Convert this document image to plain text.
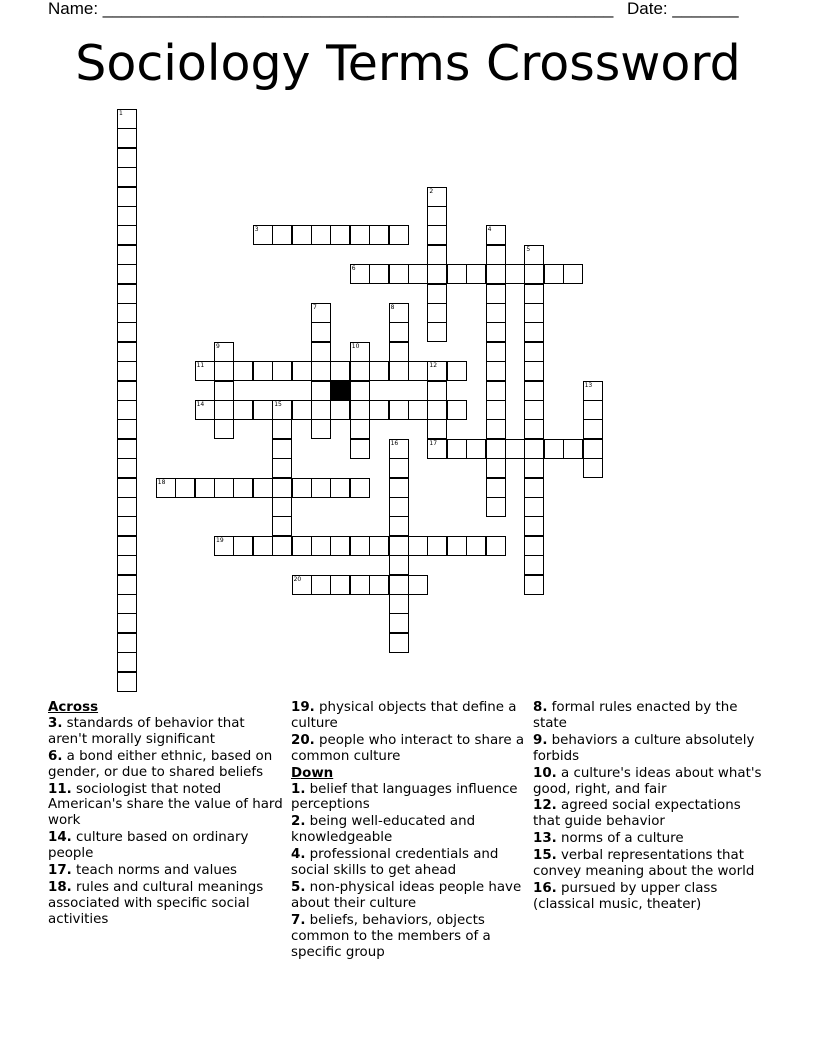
Name: ______________________________________________________ Date: _______
Sociology Terms Crossword
1
2
3	4
5
6
7	8
9	10
11	12
17
13
14	15
16
18
19
20
Across
3. standards of behavior that aren't morally significant
6. a bond either ethnic, based on gender, or due to shared beliefs
11. sociologist that noted American's share the value of hard work
14. culture based on ordinary people
17. teach norms and values
18. rules and cultural meanings associated with specific social activities
19. physical objects that define a culture
20. people who interact to share a common culture
Down
1. belief that languages influence perceptions
2. being well-educated and knowledgeable
4. professional credentials and social skills to get ahead
5. non-physical ideas people have about their culture
7. beliefs, behaviors, objects common to the members of a specific group
8. formal rules enacted by the state
9. behaviors a culture absolutely forbids
10. a culture's ideas about what's good, right, and fair
12. agreed social expectations that guide behavior
13. norms of a culture
15. verbal representations that convey meaning about the world
16. pursued by upper class (classical music, theater)
